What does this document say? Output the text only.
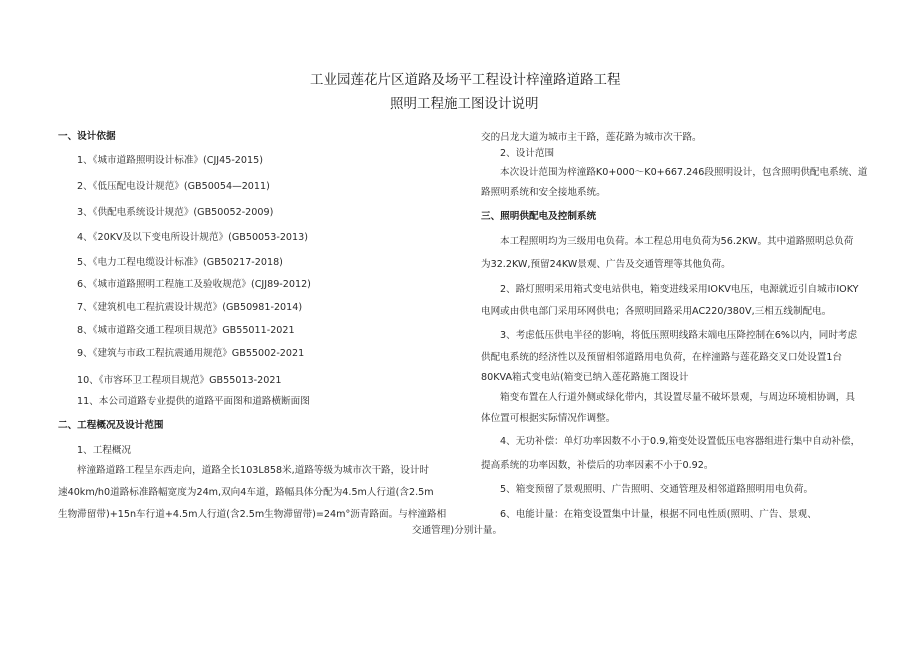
工业园莲花片区道路及场平工程设计梓潼路道路工程
照明工程施工图设计说明
一、设计依据
1、《城市道路照明设计标准》(CJJ45-2015)
2、《低压配电设计规范》(GB50054—2011)
3、《供配电系统设计规范》(GB50052-2009)
4、《20KV及以下变电所设计规范》(GB50053-2013)
5、《电力工程电缆设计标准》(GB50217-2018)
6、《城市道路照明工程施工及验收规范》(CJJ89-2012)
7、《建筑机电工程抗震设计规范》(GB50981-2014)
8、《城市道路交通工程项目规范》GB55011-2021
9、《建筑与市政工程抗震通用规范》GB55002-2021
10、《市容环卫工程项目规范》GB55013-2021
11、本公司道路专业提供的道路平面图和道路横断面图
二、工程概况及设计范围
1、工程概况
梓潼路道路工程呈东西走向，道路全长103L858米,道路等级为城市次干路，设计时
速40km/h0道路标准路幅宽度为24m,双向4车道，路幅具体分配为4.5m人行道(含2.5m
生物滞留带)+15n车行道+4.5m人行道(含2.5m生物滞留带)=24m°沥青路面。与梓潼路相
交的吕龙大道为城市主干路，莲花路为城市次干路。
2、设计范围
本次设计范围为梓潼路K0+000～K0+667.246段照明设计，包含照明供配电系统、道
路照明系统和安全接地系统。
三、照明供配电及控制系统
本工程照明均为三级用电负荷。本工程总用电负荷为56.2KW。其中道路照明总负荷
为32.2KW,预留24KW景观、广告及交通管理等其他负荷。
2、路灯照明采用箱式变电站供电，箱变进线采用IOKV电压，电源就近引自城市IOKY
电网或由供电部门采用环网供电；各照明回路采用AC220/380V,三相五线制配电。
3、考虑低压供电半径的影响，将低压照明线路末端电压降控制在6%以内，同时考虑
供配电系统的经济性以及预留相邻道路用电负荷，在梓潼路与莲花路交叉口处设置1台
80KVA箱式变电站(箱变已纳入莲花路施工图设计
箱变布置在人行道外侧或绿化带内，其设置尽量不破坏景观，与周边环境相协调，具
体位置可根据实际情况作调整。
4、无功补偿：单灯功率因数不小于0.9,箱变处设置低压电容器组进行集中自动补偿，
提高系统的功率因数，补偿后的功率因素不小于0.92。
5、箱变预留了景观照明、广告照明、交通管理及相邻道路照明用电负荷。
6、电能计量：在箱变设置集中计量，根据不同电性质(照明、广告、景观、
交通管理)分别计量。
